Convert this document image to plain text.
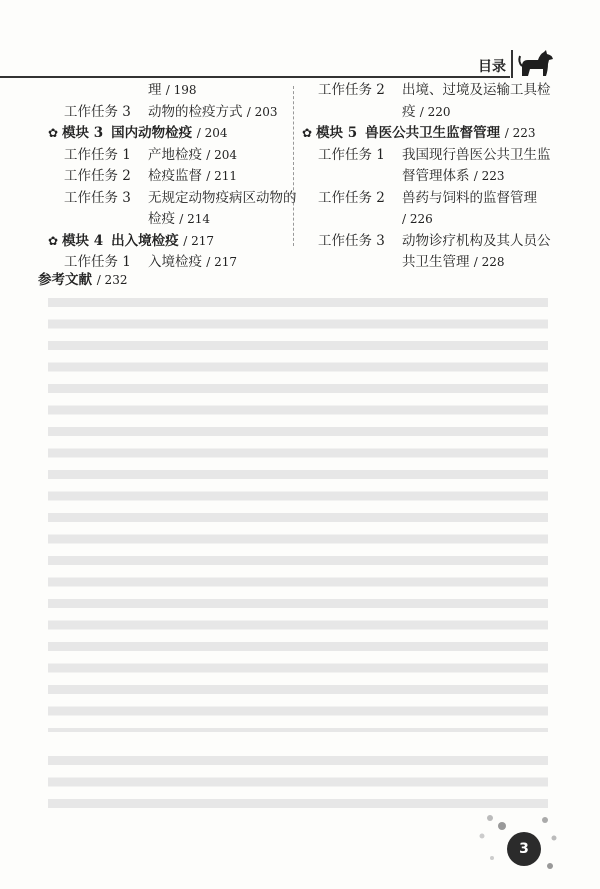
目录
理 / 198
工作任务 3 动物的检疫方式 / 203
✿ 模块 3 国内动物检疫 / 204
工作任务 1 产地检疫 / 204
工作任务 2 检疫监督 / 211
工作任务 3 无规定动物疫病区动物的
检疫 / 214
✿ 模块 4 出入境检疫 / 217
工作任务 1 入境检疫 / 217
工作任务 2 出境、过境及运输工具检
疫 / 220
✿ 模块 5 兽医公共卫生监督管理 / 223
工作任务 1 我国现行兽医公共卫生监
督管理体系 / 223
工作任务 2 兽药与饲料的监督管理
/ 226
工作任务 3 动物诊疗机构及其人员公
共卫生管理 / 228
参考文献 / 232
3
